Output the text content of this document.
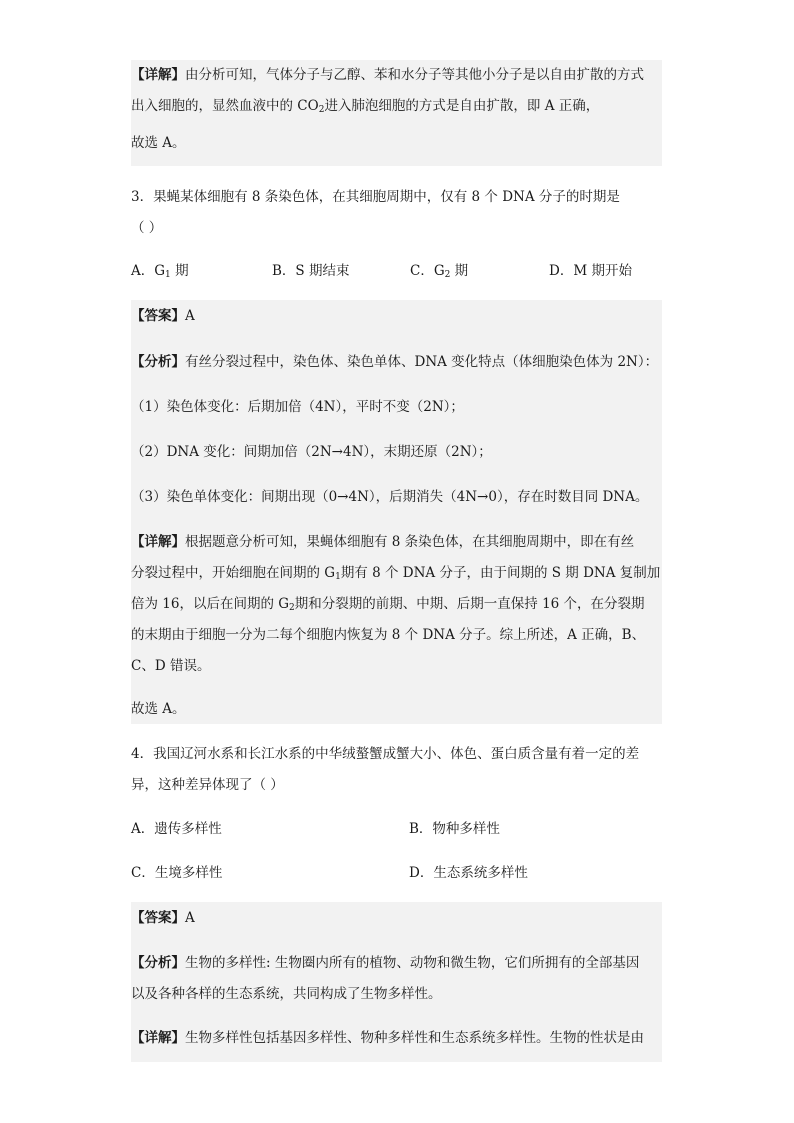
【详解】由分析可知，气体分子与乙醇、苯和水分子等其他小分子是以自由扩散的方式
出入细胞的，显然血液中的 $CO_2$进入肺泡细胞的方式是自由扩散，即 A 正确，
故选 A。
3．果蝇某体细胞有 8 条染色体，在其细胞周期中，仅有 8 个 DNA 分子的时期是
（ ）
A．$G_1$ 期	B．S 期结束	C．$G_2$ 期	D．M 期开始
【答案】A
【分析】有丝分裂过程中，染色体、染色单体、DNA 变化特点（体细胞染色体为 2N）：
（1）染色体变化：后期加倍（4N），平时不变（2N）；
（2）DNA 变化：间期加倍（2N→4N），末期还原（2N）；
（3）染色单体变化：间期出现（0→4N），后期消失（4N→0），存在时数目同 DNA。
【详解】根据题意分析可知，果蝇体细胞有 8 条染色体，在其细胞周期中，即在有丝
分裂过程中，开始细胞在间期的 $G_1$期有 8 个 DNA 分子，由于间期的 S 期 DNA 复制加
倍为 16，以后在间期的 $G_2$期和分裂期的前期、中期、后期一直保持 16 个，在分裂期
的末期由于细胞一分为二每个细胞内恢复为 8 个 DNA 分子。综上所述，A 正确，B、
C、D 错误。
故选 A。
4．我国辽河水系和长江水系的中华绒螯蟹成蟹大小、体色、蛋白质含量有着一定的差
异，这种差异体现了（ ）
A．遗传多样性	B．物种多样性
C．生境多样性	D．生态系统多样性
【答案】A
【分析】生物的多样性: 生物圈内所有的植物、动物和微生物，它们所拥有的全部基因
以及各种各样的生态系统，共同构成了生物多样性。
【详解】生物多样性包括基因多样性、物种多样性和生态系统多样性。生物的性状是由
